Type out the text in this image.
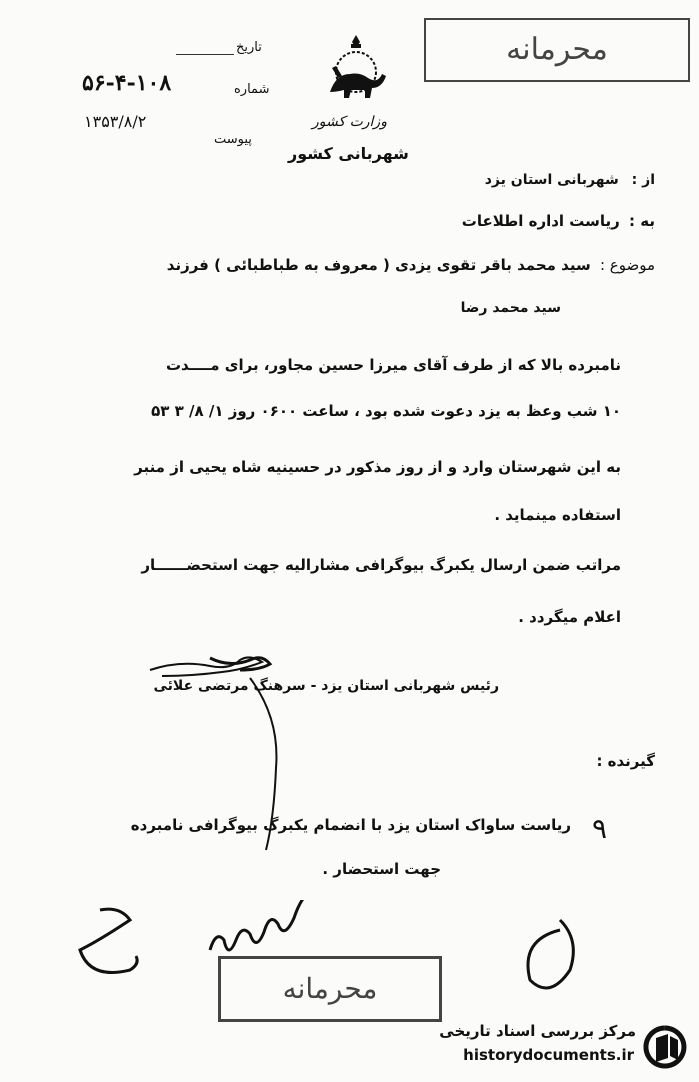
محرمانه
تاریخ
شماره
۵۶-۴-۱۰۸
۱۳۵۳/۸/۲
پیوست
وزارت کشور
شهربانی کشور
از : شهربانی استان یزد
به : ریاست اداره اطلاعات
موضوع : سید محمد باقر تقوی یزدی ( معروف به طباطبائی ) فرزند
سید محمد رضا
نامبرده بالا که از طرف آقای میرزا حسین مجاور، برای مــــدت
۱۰ شب وعظ به یزد دعوت شده بود ، ساعت ۰۶۰۰ روز ۱/ ۸/ ۳ ۵۳
به این شهرستان وارد و از روز مذکور در حسینیه شاه یحیی از منبر
استفاده مینماید .
مراتب ضمن ارسال یکبرگ بیوگرافی مشارالیه جهت استحضــــــار
اعلام میگردد .
رئیس شهربانی استان یزد - سرهنگ مرتضی علائی
گیرنده :
٩
ریاست ساواک استان یزد با انضمام یکبرگ بیوگرافی نامبرده
جهت استحضار .
محرمانه
مرکز بررسی اسناد تاریخی
historydocuments.ir
